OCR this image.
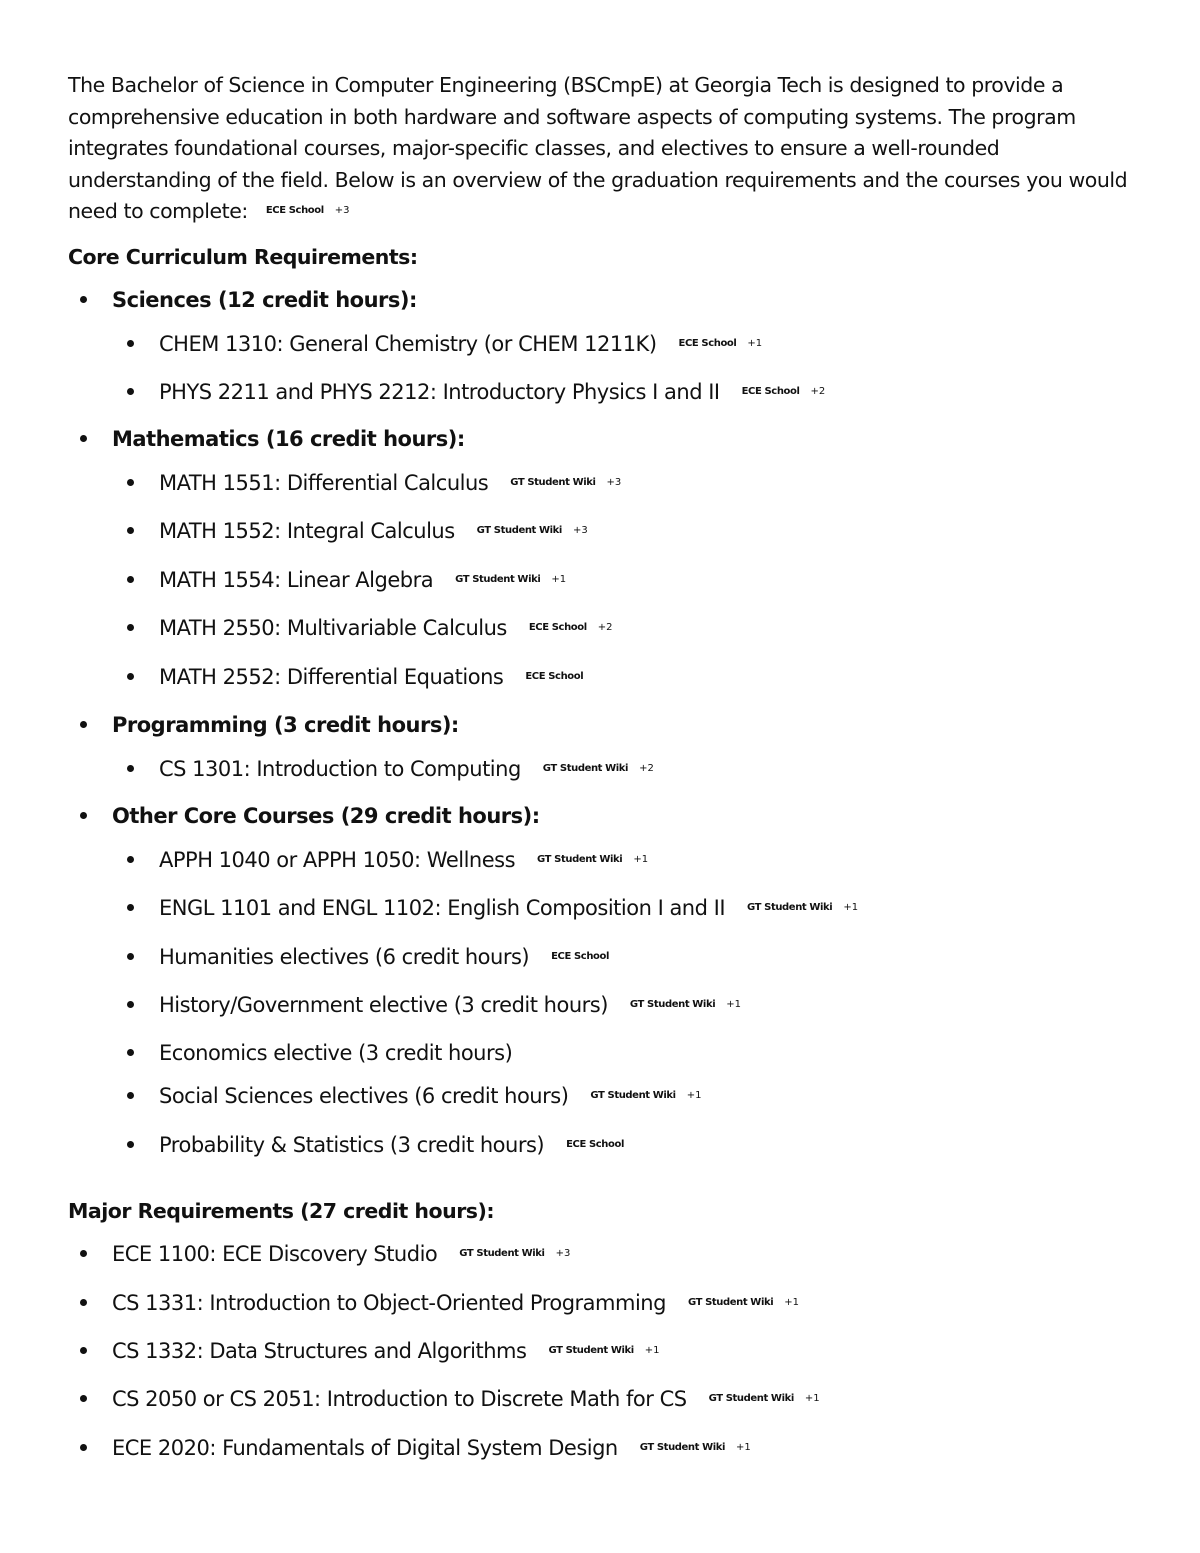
The Bachelor of Science in Computer Engineering (BSCmpE) at Georgia Tech is designed to provide a comprehensive education in both hardware and software aspects of computing systems. The program integrates foundational courses, major-specific classes, and electives to ensure a well-rounded understanding of the field. Below is an overview of the graduation requirements and the courses you would need to complete: ECE School +3

Core Curriculum Requirements:
Sciences (12 credit hours):
CHEM 1310: General Chemistry (or CHEM 1211K) ECE School +1
PHYS 2211 and PHYS 2212: Introductory Physics I and II ECE School +2
Mathematics (16 credit hours):
MATH 1551: Differential Calculus GT Student Wiki +3
MATH 1552: Integral Calculus GT Student Wiki +3
MATH 1554: Linear Algebra GT Student Wiki +1
MATH 2550: Multivariable Calculus ECE School +2
MATH 2552: Differential Equations ECE School
Programming (3 credit hours):
CS 1301: Introduction to Computing GT Student Wiki +2
Other Core Courses (29 credit hours):
APPH 1040 or APPH 1050: Wellness GT Student Wiki +1
ENGL 1101 and ENGL 1102: English Composition I and II GT Student Wiki +1
Humanities electives (6 credit hours) ECE School
History/Government elective (3 credit hours) GT Student Wiki +1
Economics elective (3 credit hours)
Social Sciences electives (6 credit hours) GT Student Wiki +1
Probability & Statistics (3 credit hours) ECE School
Major Requirements (27 credit hours):
ECE 1100: ECE Discovery Studio GT Student Wiki +3
CS 1331: Introduction to Object-Oriented Programming GT Student Wiki +1
CS 1332: Data Structures and Algorithms GT Student Wiki +1
CS 2050 or CS 2051: Introduction to Discrete Math for CS GT Student Wiki +1
ECE 2020: Fundamentals of Digital System Design GT Student Wiki +1
